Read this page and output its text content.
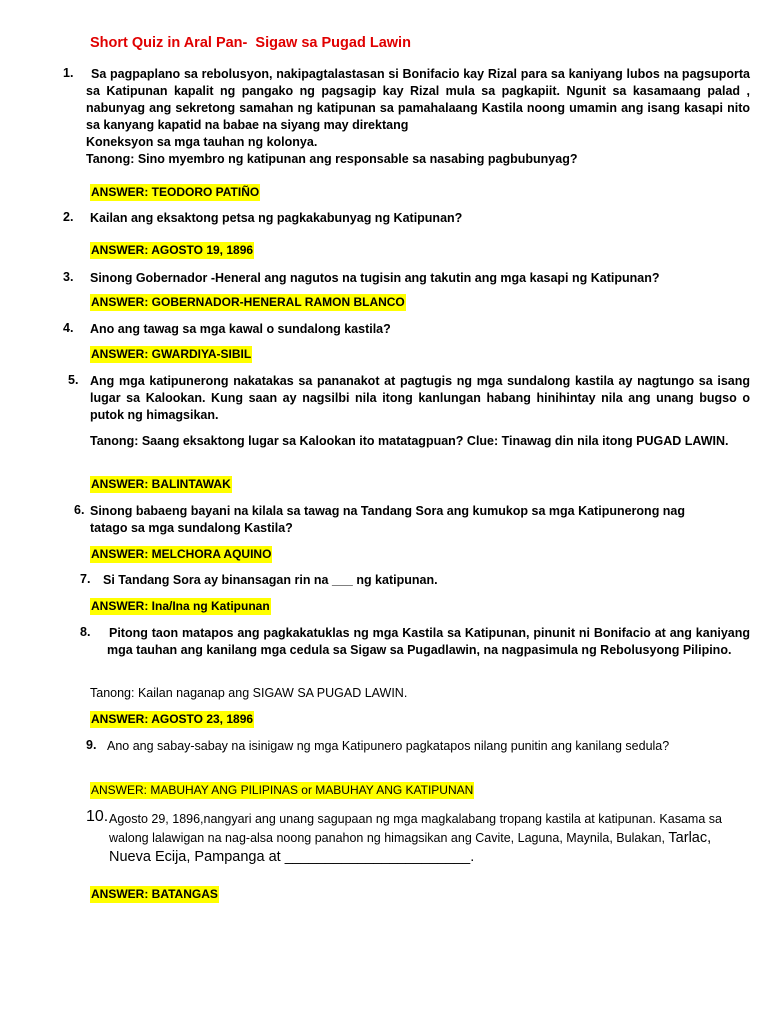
Short Quiz in Aral Pan-  Sigaw sa Pugad Lawin
1.	Sa pagpaplano sa rebolusyon, nakipagtalastasan si Bonifacio kay Rizal para sa kaniyang lubos na pagsuporta sa Katipunan kapalit ng pangako ng pagsagip kay Rizal mula sa pagkapiit. Ngunit sa kasamaang palad , nabunyag ang sekretong samahan ng katipunan sa pamahalaang Kastila noong umamin ang isang kasapi nito sa kanyang kapatid na babae na siyang may direktang
Koneksyon sa mga tauhan ng kolonya.
Tanong: Sino myembro ng katipunan ang responsable sa nasabing pagbubunyag?
ANSWER: TEODORO PATIÑO
2. Kailan ang eksaktong petsa ng pagkakabunyag ng Katipunan?
ANSWER: AGOSTO 19, 1896
3. Sinong Gobernador -Heneral ang nagutos na tugisin ang takutin ang mga kasapi ng Katipunan?
ANSWER: GOBERNADOR-HENERAL RAMON BLANCO
4. Ano ang tawag sa mga kawal o sundalong kastila?
ANSWER: GWARDIYA-SIBIL
5. Ang mga katipunerong nakatakas sa pananakot at pagtugis ng mga sundalong kastila ay nagtungo sa isang lugar sa Kalookan. Kung saan ay nagsilbi nila itong kanlungan habang hinihintay nila ang unang bugso o putok ng himagsikan.
Tanong: Saang eksaktong lugar sa Kalookan ito matatagpuan? Clue: Tinawag din nila itong PUGAD LAWIN.
ANSWER: BALINTAWAK
6. Sinong babaeng bayani na kilala sa tawag na Tandang Sora ang kumukop sa mga Katipunerong nag tatago sa mga sundalong Kastila?
ANSWER: MELCHORA AQUINO
7. Si Tandang Sora ay binansagan rin na ___ ng katipunan.
ANSWER: Ina/Ina ng Katipunan
8. Pitong taon matapos ang pagkakatuklas ng mga Kastila sa Katipunan, pinunit ni Bonifacio at ang kaniyang mga tauhan ang kanilang mga cedula sa Sigaw sa Pugadlawin, na nagpasimula ng Rebolusyong Pilipino.
Tanong: Kailan naganap ang SIGAW SA PUGAD LAWIN.
ANSWER: AGOSTO 23, 1896
9. Ano ang sabay-sabay na isinigaw ng mga Katipunero pagkatapos nilang punitin ang kanilang sedula?
ANSWER: MABUHAY ANG PILIPINAS or MABUHAY ANG KATIPUNAN
10. Agosto 29, 1896,nangyari ang unang sagupaan ng mga magkalabang tropang kastila at katipunan. Kasama sa walong lalawigan na nag-alsa noong panahon ng himagsikan ang Cavite, Laguna, Maynila, Bulakan, Tarlac, Nueva Ecija, Pampanga at _______________________.
ANSWER: BATANGAS
